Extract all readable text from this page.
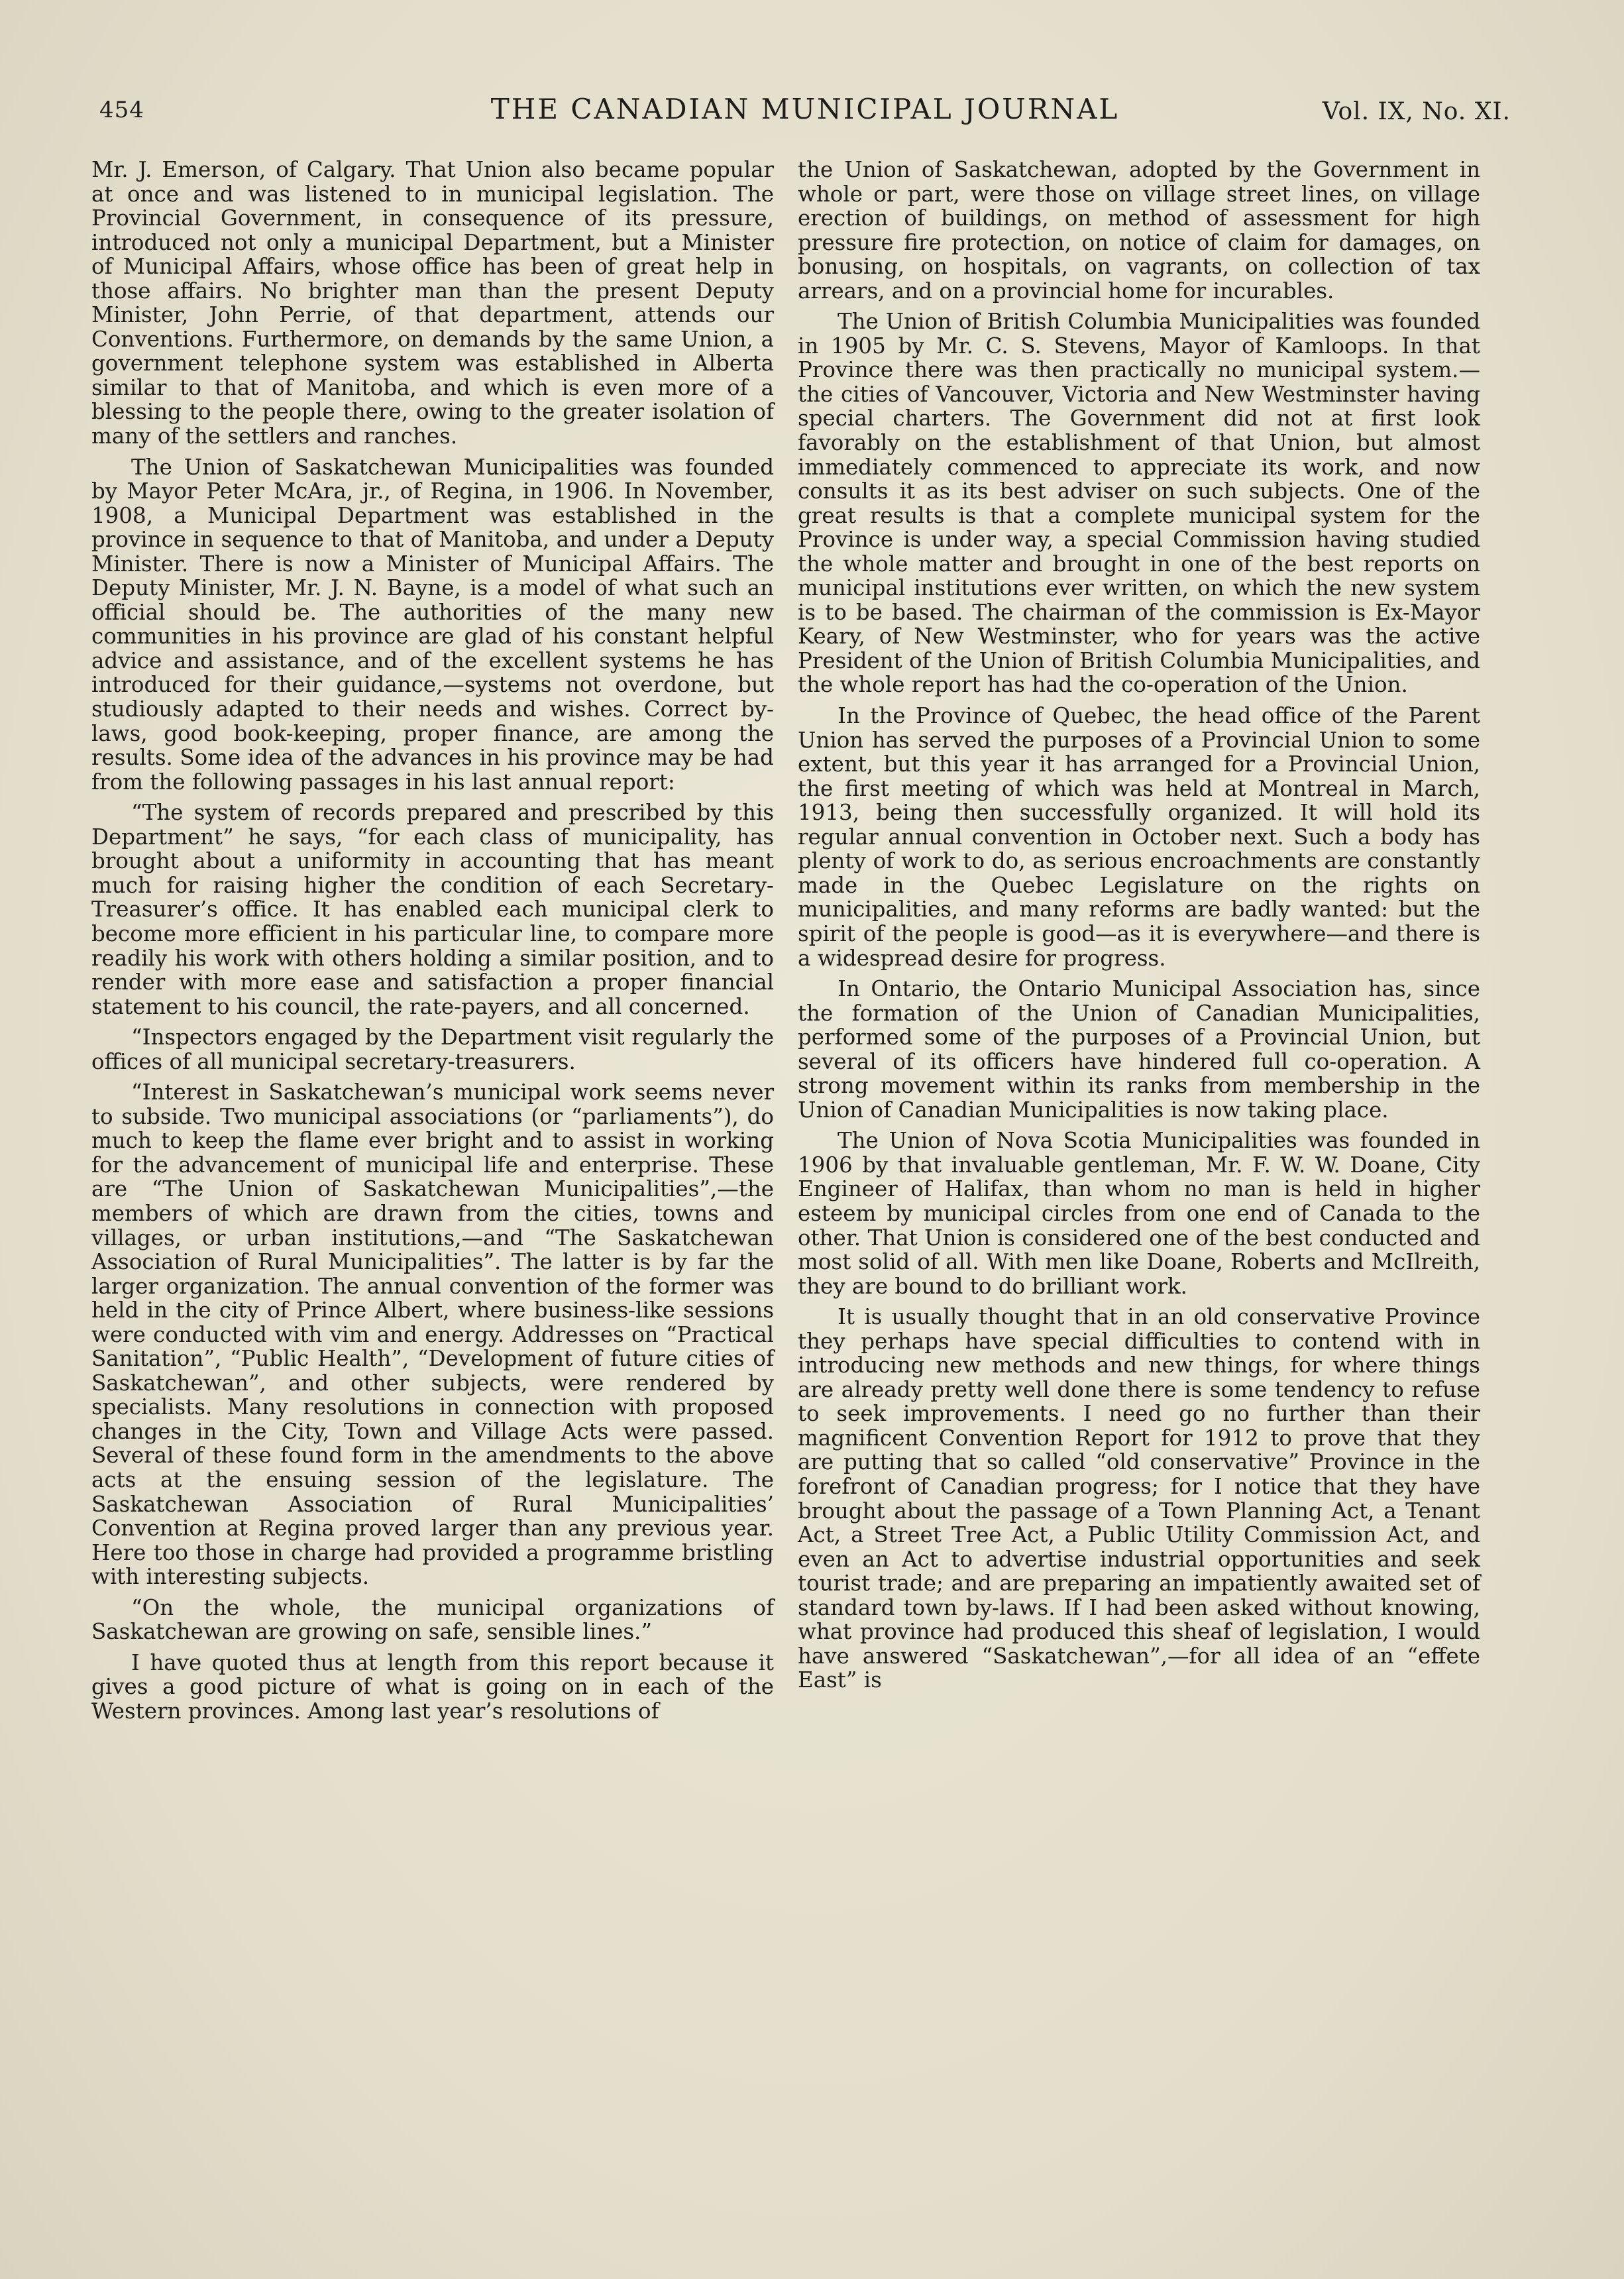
454	THE CANADIAN MUNICIPAL JOURNAL	Vol. IX, No. XI.

Mr. J. Emerson, of Calgary. That Union also became popular at once and was listened to in municipal legislation. The Provincial Government, in consequence of its pressure, introduced not only a municipal Department, but a Minister of Municipal Affairs, whose office has been of great help in those affairs. No brighter man than the present Deputy Minister, John Perrie, of that department, attends our Conventions. Furthermore, on demands by the same Union, a government telephone system was established in Alberta similar to that of Manitoba, and which is even more of a blessing to the people there, owing to the greater isolation of many of the settlers and ranches.

The Union of Saskatchewan Municipalities was founded by Mayor Peter McAra, jr., of Regina, in 1906. In November, 1908, a Municipal Department was established in the province in sequence to that of Manitoba, and under a Deputy Minister. There is now a Minister of Municipal Affairs. The Deputy Minister, Mr. J. N. Bayne, is a model of what such an official should be. The authorities of the many new communities in his province are glad of his constant helpful advice and assistance, and of the excellent systems he has introduced for their guidance,—systems not overdone, but studiously adapted to their needs and wishes. Correct by-laws, good book-keeping, proper finance, are among the results. Some idea of the advances in his province may be had from the following passages in his last annual report:

“The system of records prepared and prescribed by this Department” he says, “for each class of municipality, has brought about a uniformity in accounting that has meant much for raising higher the condition of each Secretary-Treasurer’s office. It has enabled each municipal clerk to become more efficient in his particular line, to compare more readily his work with others holding a similar position, and to render with more ease and satisfaction a proper financial statement to his council, the rate-payers, and all concerned.

“Inspectors engaged by the Department visit regularly the offices of all municipal secretary-treasurers.

“Interest in Saskatchewan’s municipal work seems never to subside. Two municipal associations (or “parliaments”), do much to keep the flame ever bright and to assist in working for the advancement of municipal life and enterprise. These are “The Union of Saskatchewan Municipalities”,—the members of which are drawn from the cities, towns and villages, or urban institutions,—and “The Saskatchewan Association of Rural Municipalities”. The latter is by far the larger organization. The annual convention of the former was held in the city of Prince Albert, where business-like sessions were conducted with vim and energy. Addresses on “Practical Sanitation”, “Public Health”, “Development of future cities of Saskatchewan”, and other subjects, were rendered by specialists. Many resolutions in connection with proposed changes in the City, Town and Village Acts were passed. Several of these found form in the amendments to the above acts at the ensuing session of the legislature. The Saskatchewan Association of Rural Municipalities’ Convention at Regina proved larger than any previous year. Here too those in charge had provided a programme bristling with interesting subjects.

“On the whole, the municipal organizations of Saskatchewan are growing on safe, sensible lines.”

I have quoted thus at length from this report because it gives a good picture of what is going on in each of the Western provinces. Among last year’s resolutions of

the Union of Saskatchewan, adopted by the Government in whole or part, were those on village street lines, on village erection of buildings, on method of assessment for high pressure fire protection, on notice of claim for damages, on bonusing, on hospitals, on vagrants, on collection of tax arrears, and on a provincial home for incurables.

The Union of British Columbia Municipalities was founded in 1905 by Mr. C. S. Stevens, Mayor of Kamloops. In that Province there was then practically no municipal system.—the cities of Vancouver, Victoria and New Westminster having special charters. The Government did not at first look favorably on the establishment of that Union, but almost immediately commenced to appreciate its work, and now consults it as its best adviser on such subjects. One of the great results is that a complete municipal system for the Province is under way, a special Commission having studied the whole matter and brought in one of the best reports on municipal institutions ever written, on which the new system is to be based. The chairman of the commission is Ex-Mayor Keary, of New Westminster, who for years was the active President of the Union of British Columbia Municipalities, and the whole report has had the co-operation of the Union.

In the Province of Quebec, the head office of the Parent Union has served the purposes of a Provincial Union to some extent, but this year it has arranged for a Provincial Union, the first meeting of which was held at Montreal in March, 1913, being then successfully organized. It will hold its regular annual convention in October next. Such a body has plenty of work to do, as serious encroachments are constantly made in the Quebec Legislature on the rights on municipalities, and many reforms are badly wanted: but the spirit of the people is good—as it is everywhere—and there is a widespread desire for progress.

In Ontario, the Ontario Municipal Association has, since the formation of the Union of Canadian Municipalities, performed some of the purposes of a Provincial Union, but several of its officers have hindered full co-operation. A strong movement within its ranks from membership in the Union of Canadian Municipalities is now taking place.

The Union of Nova Scotia Municipalities was founded in 1906 by that invaluable gentleman, Mr. F. W. W. Doane, City Engineer of Halifax, than whom no man is held in higher esteem by municipal circles from one end of Canada to the other. That Union is considered one of the best conducted and most solid of all. With men like Doane, Roberts and McIlreith, they are bound to do brilliant work.

It is usually thought that in an old conservative Province they perhaps have special difficulties to contend with in introducing new methods and new things, for where things are already pretty well done there is some tendency to refuse to seek improvements. I need go no further than their magnificent Convention Report for 1912 to prove that they are putting that so called “old conservative” Province in the forefront of Canadian progress; for I notice that they have brought about the passage of a Town Planning Act, a Tenant Act, a Street Tree Act, a Public Utility Commission Act, and even an Act to advertise industrial opportunities and seek tourist trade; and are preparing an impatiently awaited set of standard town by-laws. If I had been asked without knowing, what province had produced this sheaf of legislation, I would have answered “Saskatchewan”,—for all idea of an “effete East” is
